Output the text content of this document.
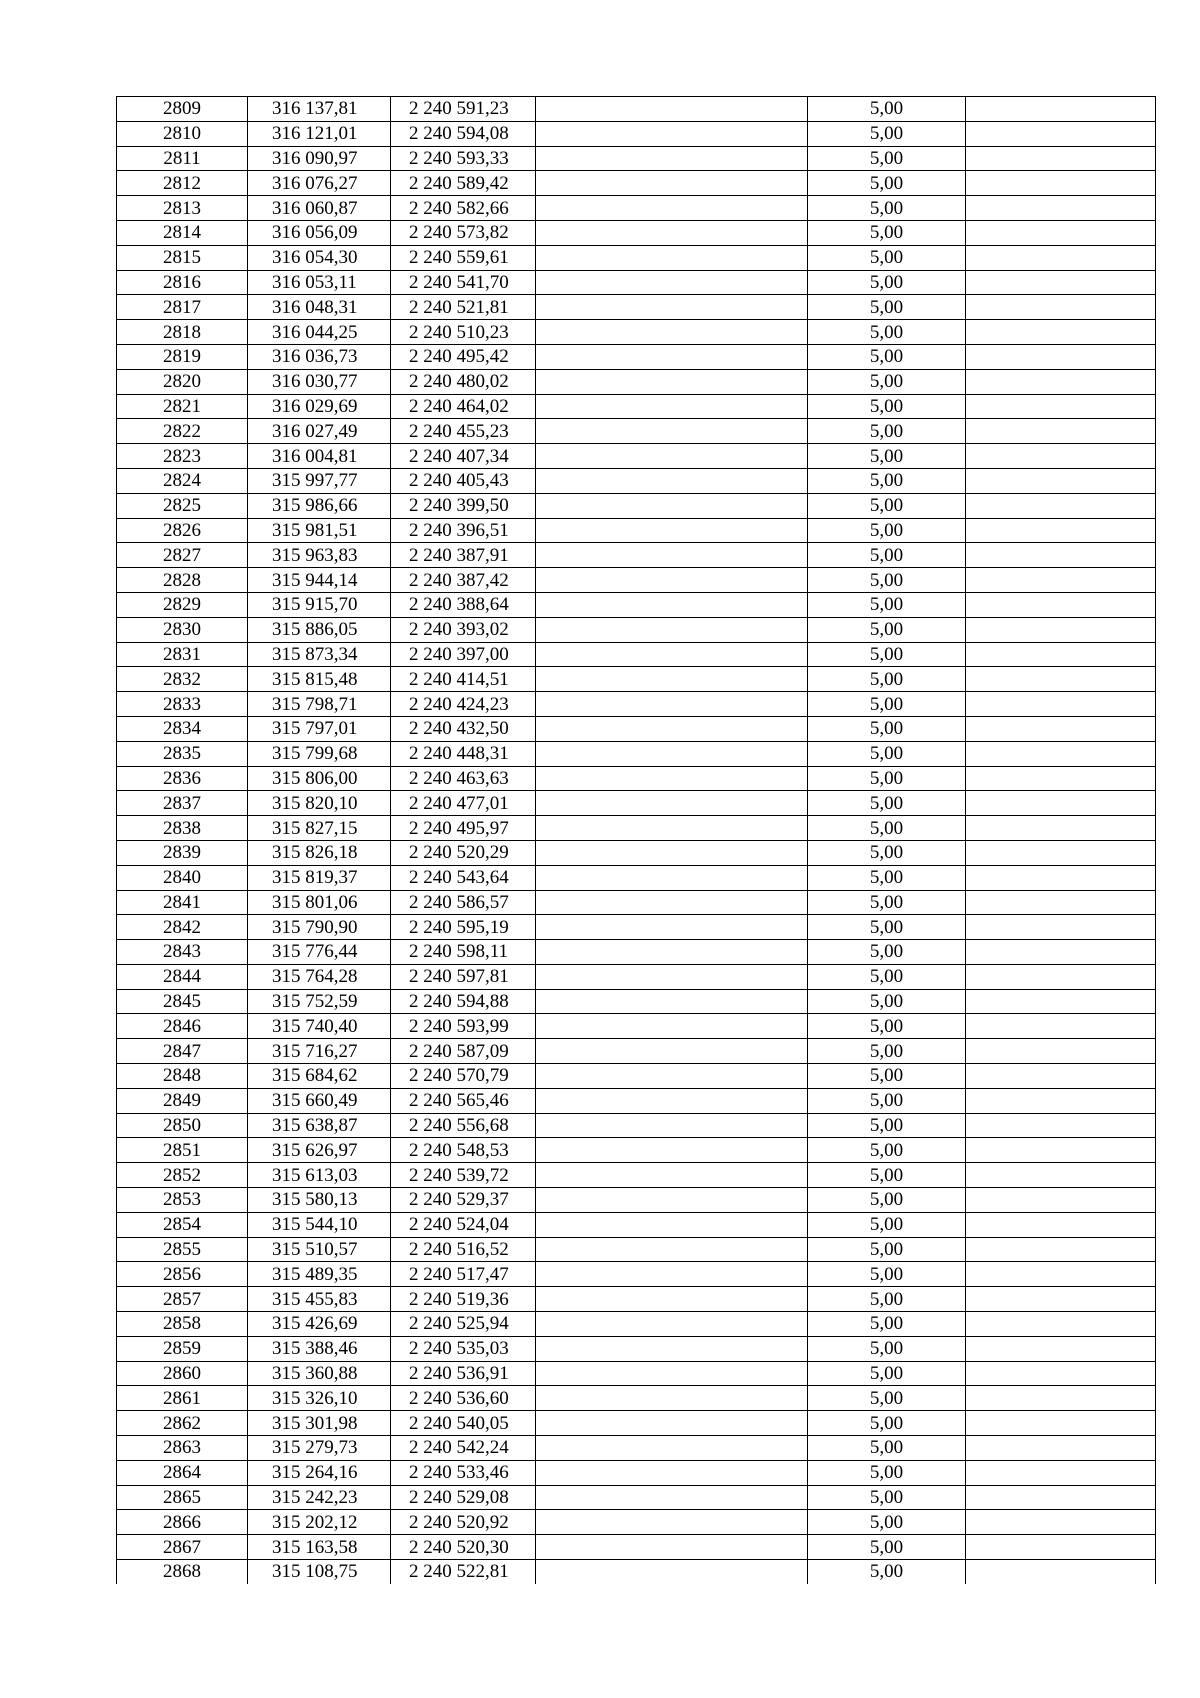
2809	316 137,81	2 240 591,23		5,00	
2810	316 121,01	2 240 594,08		5,00	
2811	316 090,97	2 240 593,33		5,00	
2812	316 076,27	2 240 589,42		5,00	
2813	316 060,87	2 240 582,66		5,00	
2814	316 056,09	2 240 573,82		5,00	
2815	316 054,30	2 240 559,61		5,00	
2816	316 053,11	2 240 541,70		5,00	
2817	316 048,31	2 240 521,81		5,00	
2818	316 044,25	2 240 510,23		5,00	
2819	316 036,73	2 240 495,42		5,00	
2820	316 030,77	2 240 480,02		5,00	
2821	316 029,69	2 240 464,02		5,00	
2822	316 027,49	2 240 455,23		5,00	
2823	316 004,81	2 240 407,34		5,00	
2824	315 997,77	2 240 405,43		5,00	
2825	315 986,66	2 240 399,50		5,00	
2826	315 981,51	2 240 396,51		5,00	
2827	315 963,83	2 240 387,91		5,00	
2828	315 944,14	2 240 387,42		5,00	
2829	315 915,70	2 240 388,64		5,00	
2830	315 886,05	2 240 393,02		5,00	
2831	315 873,34	2 240 397,00		5,00	
2832	315 815,48	2 240 414,51		5,00	
2833	315 798,71	2 240 424,23		5,00	
2834	315 797,01	2 240 432,50		5,00	
2835	315 799,68	2 240 448,31		5,00	
2836	315 806,00	2 240 463,63		5,00	
2837	315 820,10	2 240 477,01		5,00	
2838	315 827,15	2 240 495,97		5,00	
2839	315 826,18	2 240 520,29		5,00	
2840	315 819,37	2 240 543,64		5,00	
2841	315 801,06	2 240 586,57		5,00	
2842	315 790,90	2 240 595,19		5,00	
2843	315 776,44	2 240 598,11		5,00	
2844	315 764,28	2 240 597,81		5,00	
2845	315 752,59	2 240 594,88		5,00	
2846	315 740,40	2 240 593,99		5,00	
2847	315 716,27	2 240 587,09		5,00	
2848	315 684,62	2 240 570,79		5,00	
2849	315 660,49	2 240 565,46		5,00	
2850	315 638,87	2 240 556,68		5,00	
2851	315 626,97	2 240 548,53		5,00	
2852	315 613,03	2 240 539,72		5,00	
2853	315 580,13	2 240 529,37		5,00	
2854	315 544,10	2 240 524,04		5,00	
2855	315 510,57	2 240 516,52		5,00	
2856	315 489,35	2 240 517,47		5,00	
2857	315 455,83	2 240 519,36		5,00	
2858	315 426,69	2 240 525,94		5,00	
2859	315 388,46	2 240 535,03		5,00	
2860	315 360,88	2 240 536,91		5,00	
2861	315 326,10	2 240 536,60		5,00	
2862	315 301,98	2 240 540,05		5,00	
2863	315 279,73	2 240 542,24		5,00	
2864	315 264,16	2 240 533,46		5,00	
2865	315 242,23	2 240 529,08		5,00	
2866	315 202,12	2 240 520,92		5,00	
2867	315 163,58	2 240 520,30		5,00	
2868	315 108,75	2 240 522,81		5,00	
